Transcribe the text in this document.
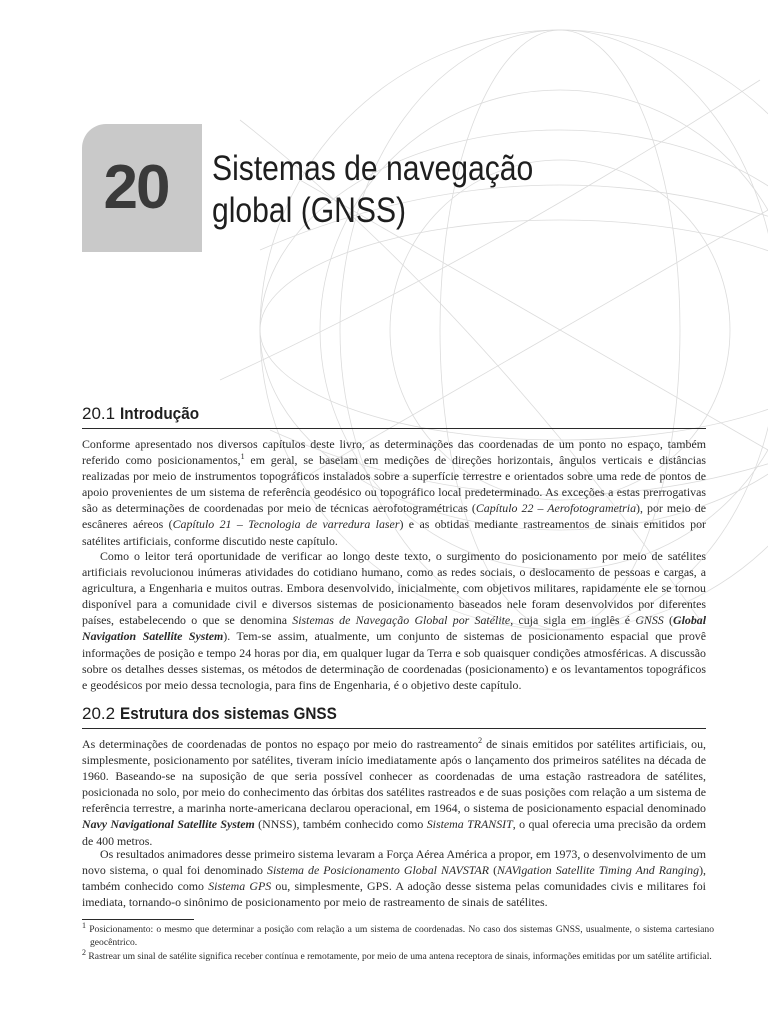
20	Sistemas de navegação
global (GNSS)
20.1 Introdução

Conforme apresentado nos diversos capítulos deste livro, as determinações das coordenadas de um ponto no espaço, também referido como posicionamentos,$^1$ em geral, se baseiam em medições de direções horizontais, ângulos verticais e distâncias realizadas por meio de instrumentos topográficos instalados sobre a superfície terrestre e orientados sobre uma rede de pontos de apoio provenientes de um sistema de referência geodésico ou topográfico local predeterminado. As exceções a estas prerrogativas são as determinações de coordenadas por meio de técnicas aerofotogramétricas (Capítulo 22 – Aerofotogrametria), por meio de escâneres aéreos (Capítulo 21 – Tecnologia de varredura laser) e as obtidas mediante rastreamentos de sinais emitidos por satélites artificiais, conforme discutido neste capítulo.

Como o leitor terá oportunidade de verificar ao longo deste texto, o surgimento do posicionamento por meio de satélites artificiais revolucionou inúmeras atividades do cotidiano humano, como as redes sociais, o deslocamento de pessoas e cargas, a agricultura, a Engenharia e muitos outras. Embora desenvolvido, inicialmente, com objetivos militares, rapidamente ele se tornou disponível para a comunidade civil e diversos sistemas de posicionamento baseados nele foram desenvolvidos por diferentes países, estabelecendo o que se denomina Sistemas de Navegação Global por Satélite, cuja sigla em inglês é GNSS (Global Navigation Satellite System). Tem-se assim, atualmente, um conjunto de sistemas de posicionamento espacial que provê informações de posição e tempo 24 horas por dia, em qualquer lugar da Terra e sob quaisquer condições atmosféricas. A discussão sobre os detalhes desses sistemas, os métodos de determinação de coordenadas (posicionamento) e os levantamentos topográficos e geodésicos por meio dessa tecnologia, para fins de Engenharia, é o objetivo deste capítulo.

20.2 Estrutura dos sistemas GNSS

As determinações de coordenadas de pontos no espaço por meio do rastreamento$^2$ de sinais emitidos por satélites artificiais, ou, simplesmente, posicionamento por satélites, tiveram início imediatamente após o lançamento dos primeiros satélites na década de 1960. Baseando-se na suposição de que seria possível conhecer as coordenadas de uma estação rastreadora de satélites, posicionada no solo, por meio do conhecimento das órbitas dos satélites rastreados e de suas posições com relação a um sistema de referência terrestre, a marinha norte-americana declarou operacional, em 1964, o sistema de posicionamento espacial denominado Navy Navigational Satellite System (NNSS), também conhecido como Sistema TRANSIT, o qual oferecia uma precisão da ordem de 400 metros.

Os resultados animadores desse primeiro sistema levaram a Força Aérea América a propor, em 1973, o desenvolvimento de um novo sistema, o qual foi denominado Sistema de Posicionamento Global NAVSTAR (NAVigation Satellite Timing And Ranging), também conhecido como Sistema GPS ou, simplesmente, GPS. A adoção desse sistema pelas comunidades civis e militares foi imediata, tornando-o sinônimo de posicionamento por meio de rastreamento de sinais de satélites.

$^1$ Posicionamento: o mesmo que determinar a posição com relação a um sistema de coordenadas. No caso dos sistemas GNSS, usualmente, o sistema cartesiano geocêntrico.

$^2$ Rastrear um sinal de satélite significa receber contínua e remotamente, por meio de uma antena receptora de sinais, informações emitidas por um satélite artificial.
